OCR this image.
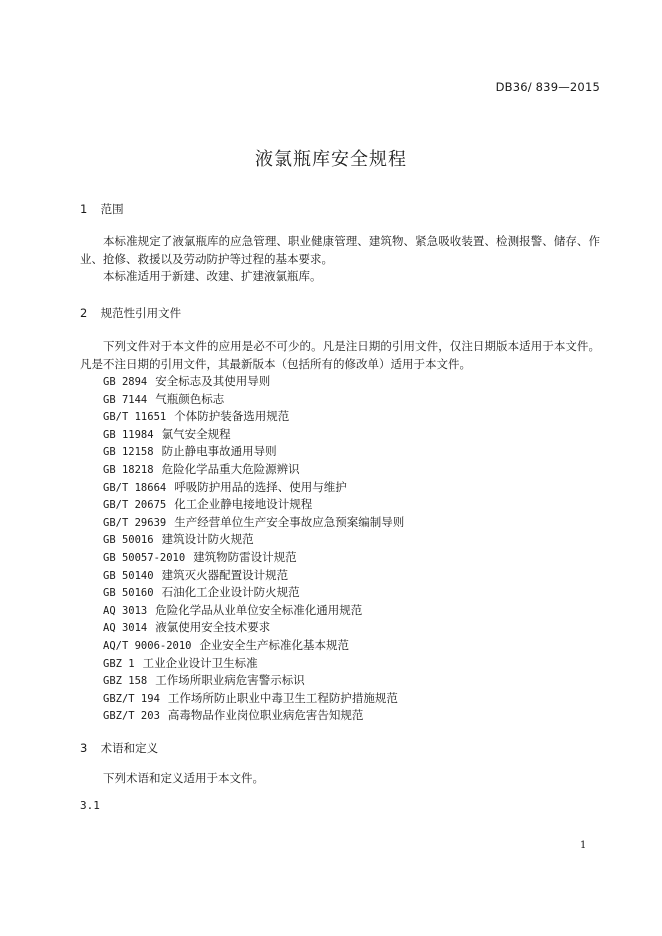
DB36/ 839—2015
液氯瓶库安全规程
1 范围
本标准规定了液氯瓶库的应急管理、职业健康管理、建筑物、紧急吸收装置、检测报警、储存、作业、抢修、救援以及劳动防护等过程的基本要求。
本标准适用于新建、改建、扩建液氯瓶库。
2 规范性引用文件
下列文件对于本文件的应用是必不可少的。凡是注日期的引用文件，仅注日期版本适用于本文件。凡是不注日期的引用文件，其最新版本（包括所有的修改单）适用于本文件。
GB 2894 安全标志及其使用导则
GB 7144 气瓶颜色标志
GB/T 11651 个体防护装备选用规范
GB 11984 氯气安全规程
GB 12158 防止静电事故通用导则
GB 18218 危险化学品重大危险源辨识
GB/T 18664 呼吸防护用品的选择、使用与维护
GB/T 20675 化工企业静电接地设计规程
GB/T 29639 生产经营单位生产安全事故应急预案编制导则
GB 50016 建筑设计防火规范
GB 50057-2010 建筑物防雷设计规范
GB 50140 建筑灭火器配置设计规范
GB 50160 石油化工企业设计防火规范
AQ 3013 危险化学品从业单位安全标准化通用规范
AQ 3014 液氯使用安全技术要求
AQ/T 9006-2010 企业安全生产标准化基本规范
GBZ 1 工业企业设计卫生标准
GBZ 158 工作场所职业病危害警示标识
GBZ/T 194 工作场所防止职业中毒卫生工程防护措施规范
GBZ/T 203 高毒物品作业岗位职业病危害告知规范
3 术语和定义
下列术语和定义适用于本文件。
3.1
1
